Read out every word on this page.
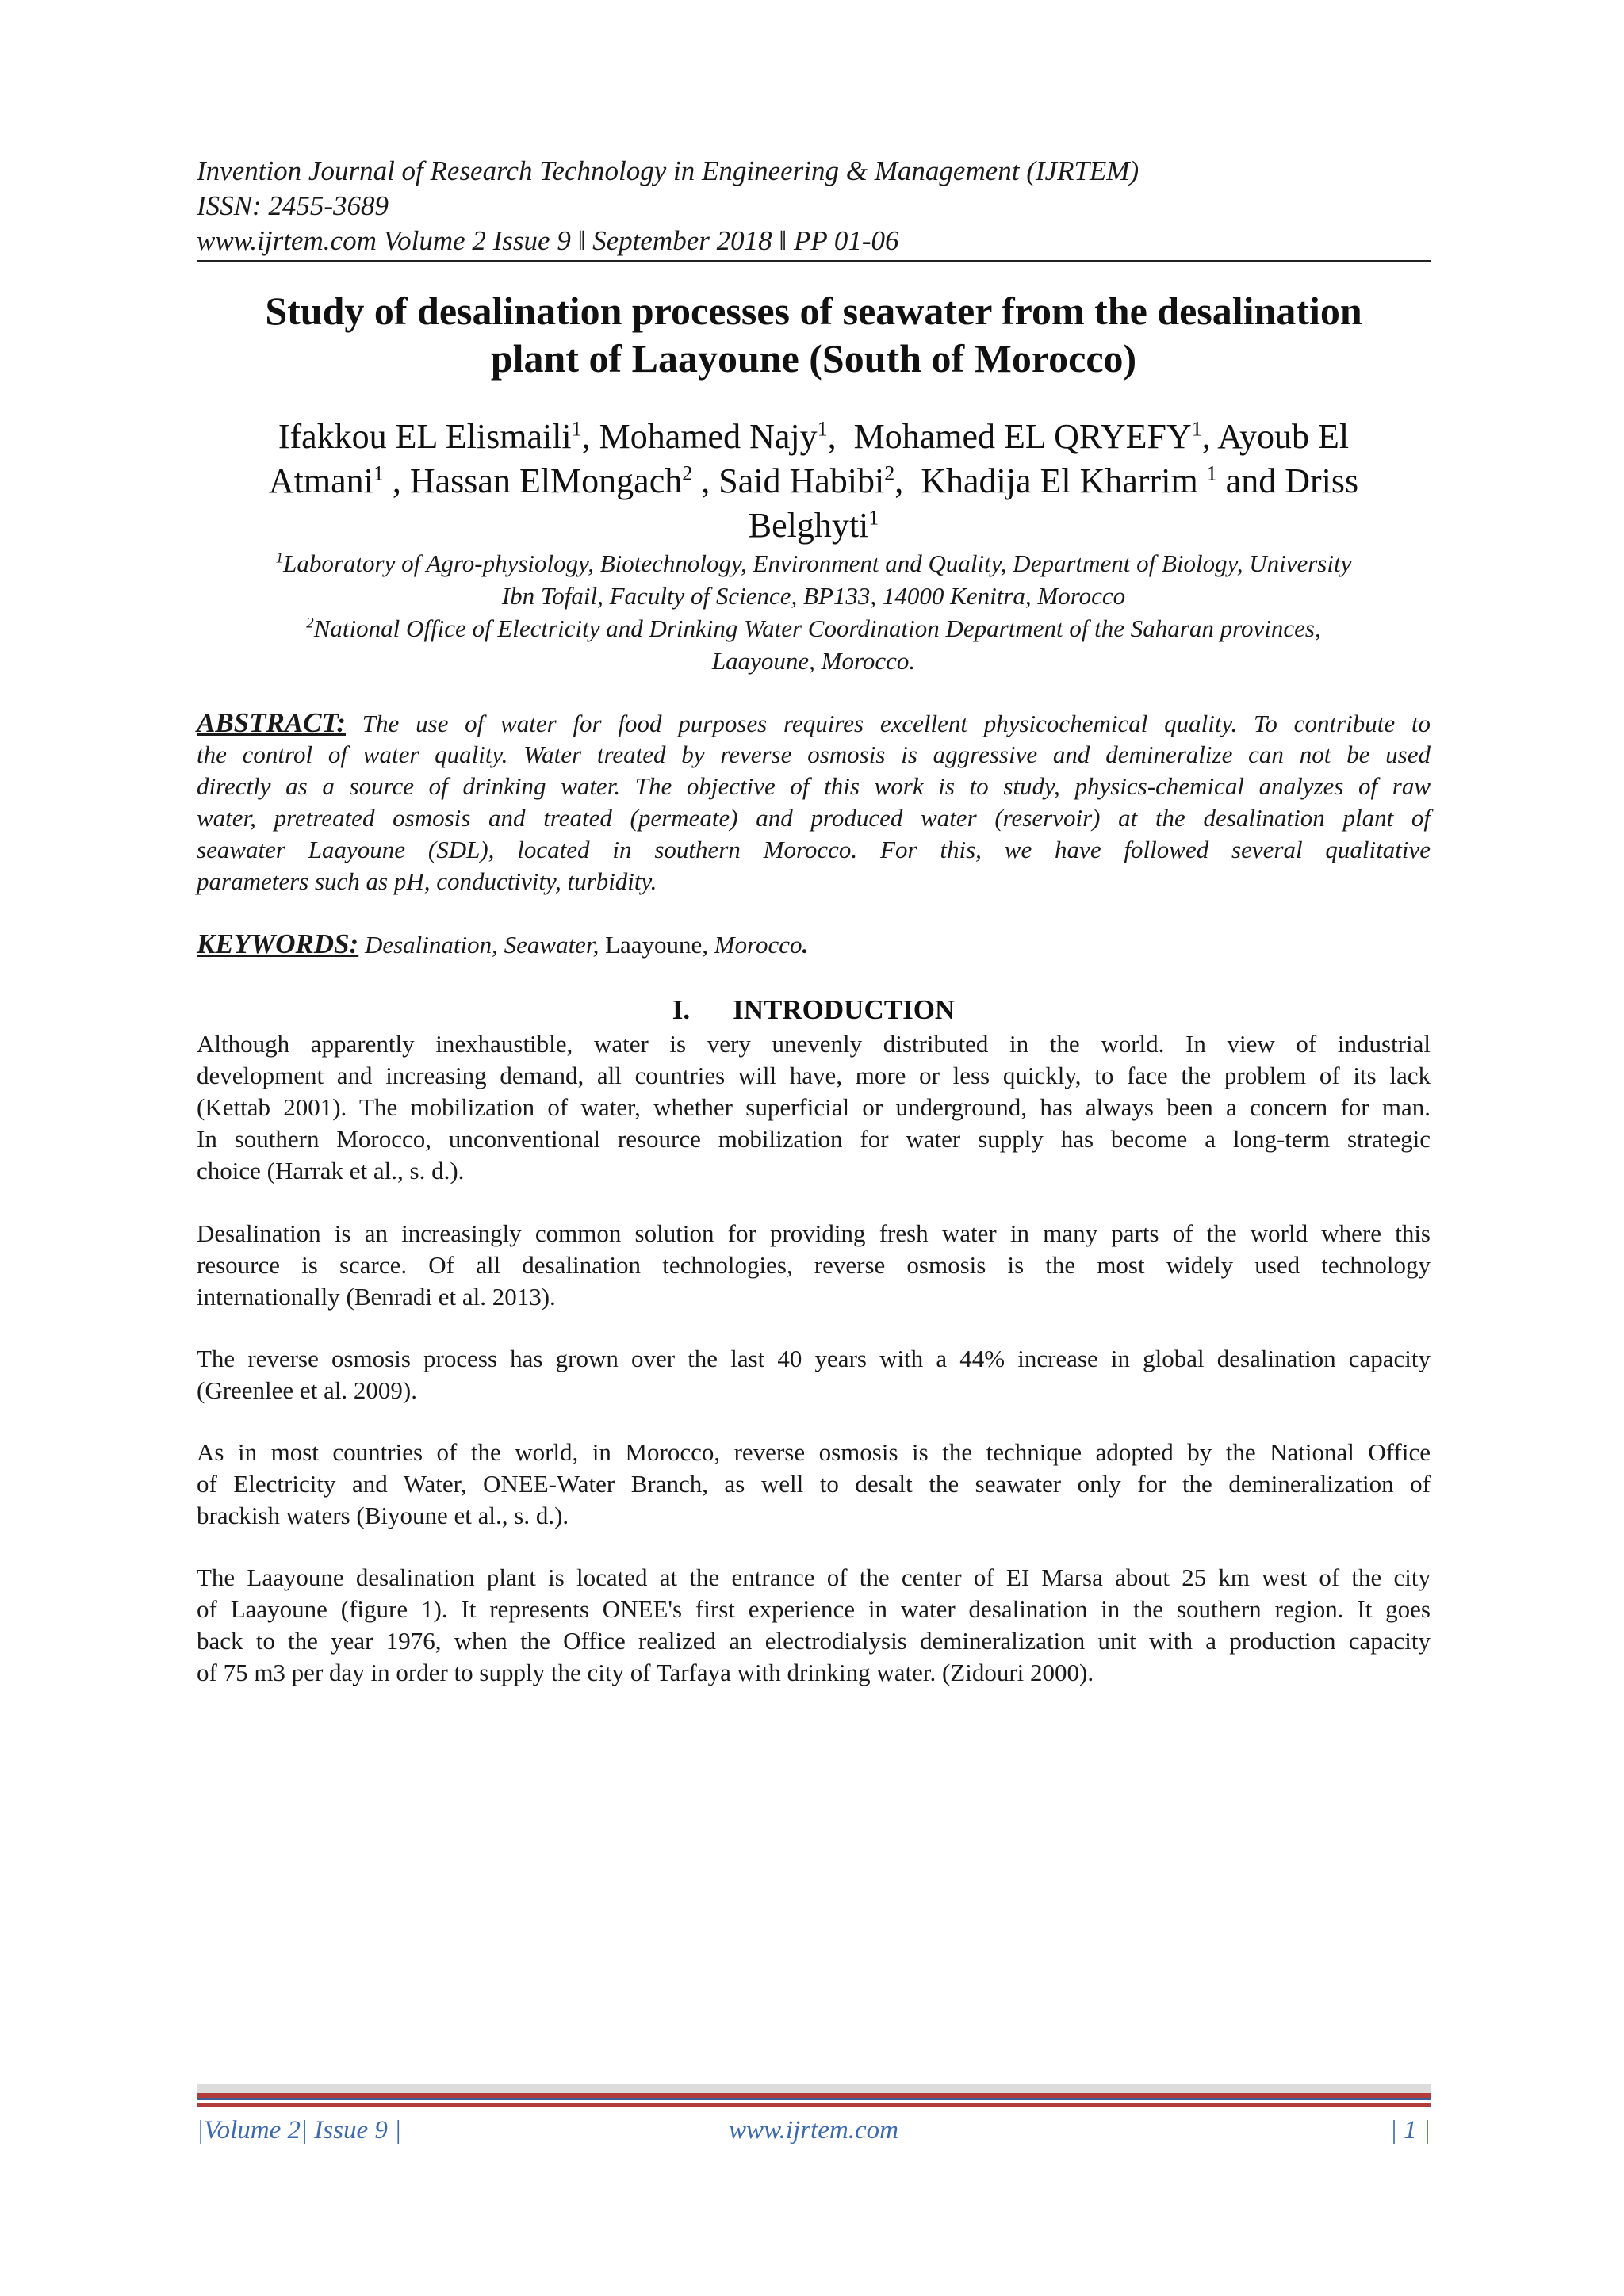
Invention Journal of Research Technology in Engineering & Management (IJRTEM)
ISSN: 2455-3689
www.ijrtem.com Volume 2 Issue 9 ǁ September 2018 ǁ PP 01-06
Study of desalination processes of seawater from the desalination
plant of Laayoune (South of Morocco)
Ifakkou EL Elismaili$^1$, Mohamed Najy$^1$,  Mohamed EL QRYEFY$^1$, Ayoub El
Atmani$^1$ , Hassan ElMongach$^2$ , Said Habibi$^2$,  Khadija El Kharrim $^1$ and Driss
Belghyti$^1$
$^1$Laboratory of Agro-physiology, Biotechnology, Environment and Quality, Department of Biology, University
Ibn Tofail, Faculty of Science, BP133, 14000 Kenitra, Morocco
$^2$National Office of Electricity and Drinking Water Coordination Department of the Saharan provinces,
Laayoune, Morocco.
ABSTRACT: The use of water for food purposes requires excellent physicochemical quality. To contribute to
the control of water quality. Water treated by reverse osmosis is aggressive and demineralize can not be used
directly as a source of drinking water. The objective of this work is to study, physics-chemical analyzes of raw
water, pretreated osmosis and treated (permeate) and produced water (reservoir) at the desalination plant of
seawater Laayoune (SDL), located in southern Morocco. For this, we have followed several qualitative
parameters such as pH, conductivity, turbidity.
KEYWORDS: Desalination, Seawater, Laayoune, Morocco.
I. INTRODUCTION
Although apparently inexhaustible, water is very unevenly distributed in the world. In view of industrial
development and increasing demand, all countries will have, more or less quickly, to face the problem of its lack
(Kettab 2001). The mobilization of water, whether superficial or underground, has always been a concern for man.
In southern Morocco, unconventional resource mobilization for water supply has become a long-term strategic
choice (Harrak et al., s. d.).
Desalination is an increasingly common solution for providing fresh water in many parts of the world where this
resource is scarce. Of all desalination technologies, reverse osmosis is the most widely used technology
internationally (Benradi et al. 2013).
The reverse osmosis process has grown over the last 40 years with a 44% increase in global desalination capacity
(Greenlee et al. 2009).
As in most countries of the world, in Morocco, reverse osmosis is the technique adopted by the National Office
of Electricity and Water, ONEE-Water Branch, as well to desalt the seawater only for the demineralization of
brackish waters (Biyoune et al., s. d.).
The Laayoune desalination plant is located at the entrance of the center of EI Marsa about 25 km west of the city
of Laayoune (figure 1). It represents ONEE's first experience in water desalination in the southern region. It goes
back to the year 1976, when the Office realized an electrodialysis demineralization unit with a production capacity
of 75 m3 per day in order to supply the city of Tarfaya with drinking water. (Zidouri 2000).
|Volume 2| Issue 9 |	www.ijrtem.com	| 1 |
